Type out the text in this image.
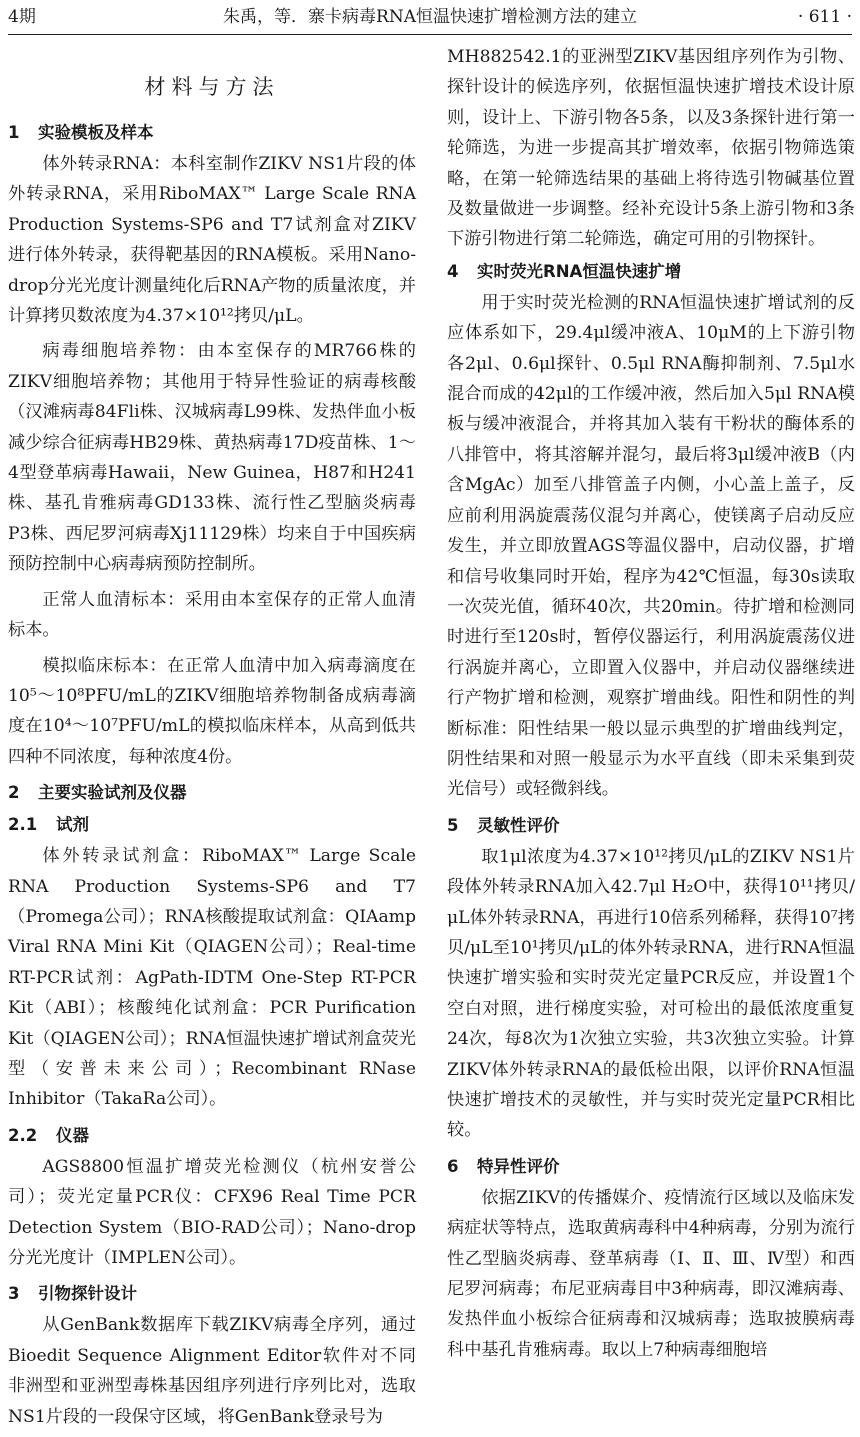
4期	朱禹，等．寨卡病毒RNA恒温快速扩增检测方法的建立	· 611 ·
材料与方法
1 实验模板及样本

体外转录RNA：本科室制作ZIKV NS1片段的体外转录RNA，采用RiboMAX™ Large Scale RNA Production Systems-SP6 and T7试剂盒对ZIKV进行体外转录，获得靶基因的RNA模板。采用Nano-drop分光光度计测量纯化后RNA产物的质量浓度，并计算拷贝数浓度为4.37×10¹²拷贝/μL。

病毒细胞培养物：由本室保存的MR766株的ZIKV细胞培养物；其他用于特异性验证的病毒核酸（汉滩病毒84Fli株、汉城病毒L99株、发热伴血小板减少综合征病毒HB29株、黄热病毒17D疫苗株、1～4型登革病毒Hawaii，New Guinea，H87和H241株、基孔肯雅病毒GD133株、流行性乙型脑炎病毒P3株、西尼罗河病毒Xj11129株）均来自于中国疾病预防控制中心病毒病预防控制所。

正常人血清标本：采用由本室保存的正常人血清标本。

模拟临床标本：在正常人血清中加入病毒滴度在10⁵～10⁸PFU/mL的ZIKV细胞培养物制备成病毒滴度在10⁴～10⁷PFU/mL的模拟临床样本，从高到低共四种不同浓度，每种浓度4份。

2 主要实验试剂及仪器
2.1 试剂

体外转录试剂盒：RiboMAX™ Large Scale RNA Production Systems-SP6 and T7（Promega公司）；RNA核酸提取试剂盒：QIAamp Viral RNA Mini Kit（QIAGEN公司）；Real-time RT-PCR试剂：AgPath-IDTM One-Step RT-PCR Kit（ABI）；核酸纯化试剂盒：PCR Purification Kit（QIAGEN公司）；RNA恒温快速扩增试剂盒荧光型（安普未来公司）；Recombinant RNase Inhibitor（TakaRa公司）。

2.2 仪器

AGS8800恒温扩增荧光检测仪（杭州安誉公司）；荧光定量PCR仪：CFX96 Real Time PCR Detection System（BIO-RAD公司）；Nano-drop分光光度计（IMPLEN公司）。

3 引物探针设计

从GenBank数据库下载ZIKV病毒全序列，通过Bioedit Sequence Alignment Editor软件对不同非洲型和亚洲型毒株基因组序列进行序列比对，选取NS1片段的一段保守区域，将GenBank登录号为

MH882542.1的亚洲型ZIKV基因组序列作为引物、探针设计的候选序列，依据恒温快速扩增技术设计原则，设计上、下游引物各5条，以及3条探针进行第一轮筛选，为进一步提高其扩增效率，依据引物筛选策略，在第一轮筛选结果的基础上将待选引物碱基位置及数量做进一步调整。经补充设计5条上游引物和3条下游引物进行第二轮筛选，确定可用的引物探针。

4 实时荧光RNA恒温快速扩增

用于实时荧光检测的RNA恒温快速扩增试剂的反应体系如下，29.4μl缓冲液A、10μM的上下游引物各2μl、0.6μl探针、0.5μl RNA酶抑制剂、7.5μl水混合而成的42μl的工作缓冲液，然后加入5μl RNA模板与缓冲液混合，并将其加入装有干粉状的酶体系的八排管中，将其溶解并混匀，最后将3μl缓冲液B（内含MgAc）加至八排管盖子内侧，小心盖上盖子，反应前利用涡旋震荡仪混匀并离心，使镁离子启动反应发生，并立即放置AGS等温仪器中，启动仪器，扩增和信号收集同时开始，程序为42℃恒温，每30s读取一次荧光值，循环40次，共20min。待扩增和检测同时进行至120s时，暂停仪器运行，利用涡旋震荡仪进行涡旋并离心，立即置入仪器中，并启动仪器继续进行产物扩增和检测，观察扩增曲线。阳性和阴性的判断标准：阳性结果一般以显示典型的扩增曲线判定，阴性结果和对照一般显示为水平直线（即未采集到荧光信号）或轻微斜线。

5 灵敏性评价

取1μl浓度为4.37×10¹²拷贝/μL的ZIKV NS1片段体外转录RNA加入42.7μl H₂O中，获得10¹¹拷贝/μL体外转录RNA，再进行10倍系列稀释，获得10⁷拷贝/μL至10¹拷贝/μL的体外转录RNA，进行RNA恒温快速扩增实验和实时荧光定量PCR反应，并设置1个空白对照，进行梯度实验，对可检出的最低浓度重复24次，每8次为1次独立实验，共3次独立实验。计算ZIKV体外转录RNA的最低检出限，以评价RNA恒温快速扩增技术的灵敏性，并与实时荧光定量PCR相比较。

6 特异性评价

依据ZIKV的传播媒介、疫情流行区域以及临床发病症状等特点，选取黄病毒科中4种病毒，分别为流行性乙型脑炎病毒、登革病毒（Ⅰ、Ⅱ、Ⅲ、Ⅳ型）和西尼罗河病毒；布尼亚病毒目中3种病毒，即汉滩病毒、发热伴血小板综合征病毒和汉城病毒；选取披膜病毒科中基孔肯雅病毒。取以上7种病毒细胞培
